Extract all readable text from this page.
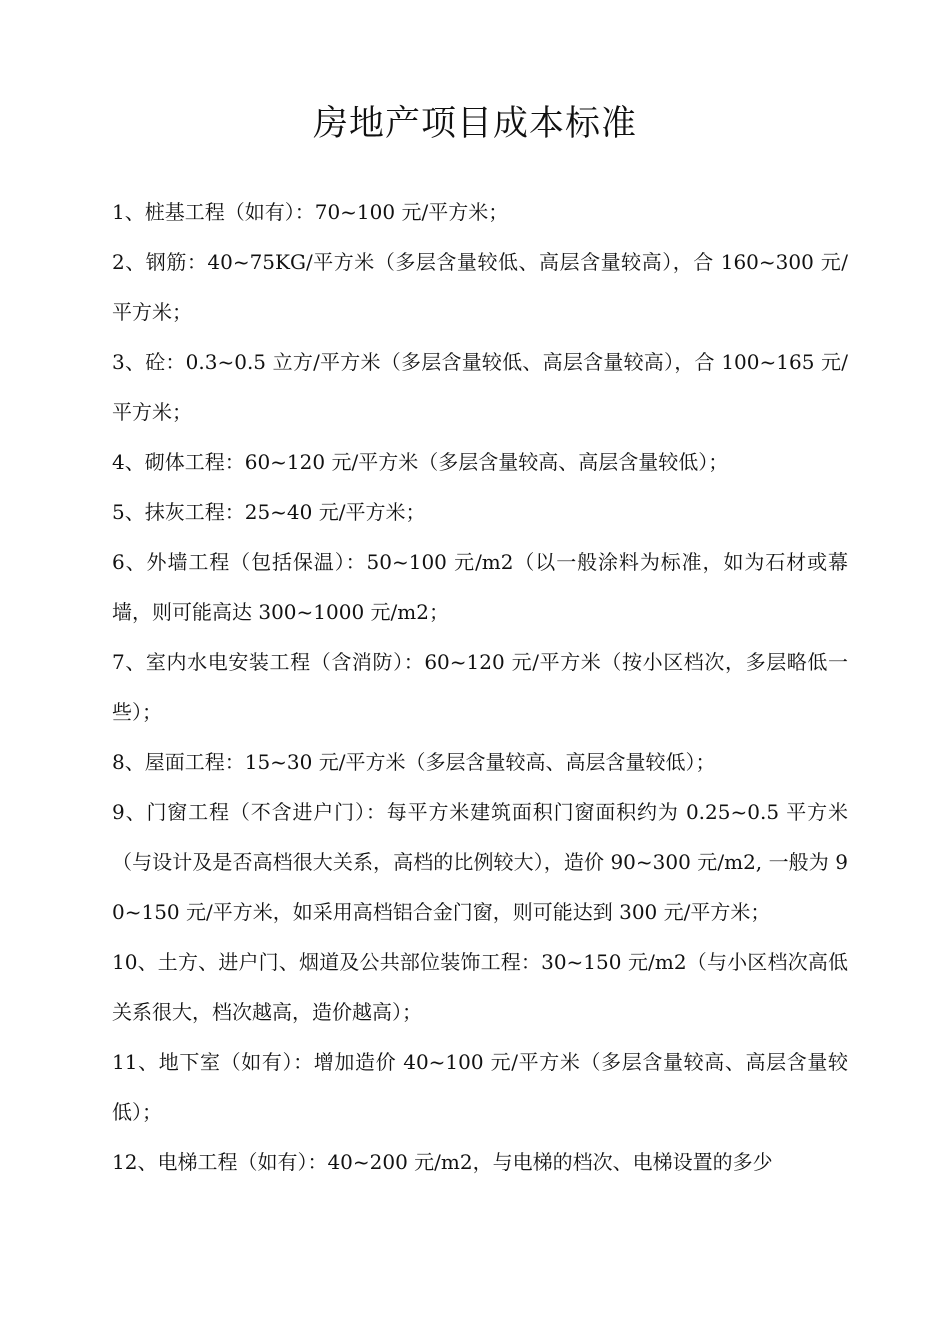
房地产项目成本标准

1、桩基工程（如有）：70~100 元/平方米；

2、钢筋：40~75KG/平方米（多层含量较低、高层含量较高），合 160~300 元/平方米；

3、砼：0.3~0.5 立方/平方米（多层含量较低、高层含量较高），合 100~165 元/平方米；

4、砌体工程：60~120 元/平方米（多层含量较高、高层含量较低）；

5、抹灰工程：25~40 元/平方米；

6、外墙工程（包括保温）：50~100 元/m2（以一般涂料为标准，如为石材或幕墙，则可能高达 300~1000 元/m2；

7、室内水电安装工程（含消防）：60~120 元/平方米（按小区档次，多层略低一些）；

8、屋面工程：15~30 元/平方米（多层含量较高、高层含量较低）；

9、门窗工程（不含进户门）：每平方米建筑面积门窗面积约为 0.25~0.5 平方米（与设计及是否高档很大关系，高档的比例较大），造价 90~300 元/m2, 一般为 90~150 元/平方米，如采用高档铝合金门窗，则可能达到 300 元/平方米；

10、土方、进户门、烟道及公共部位装饰工程：30~150 元/m2（与小区档次高低关系很大，档次越高，造价越高）；

11、地下室（如有）：增加造价 40~100 元/平方米（多层含量较高、高层含量较低）；

12、电梯工程（如有）：40~200 元/m2，与电梯的档次、电梯设置的多少
